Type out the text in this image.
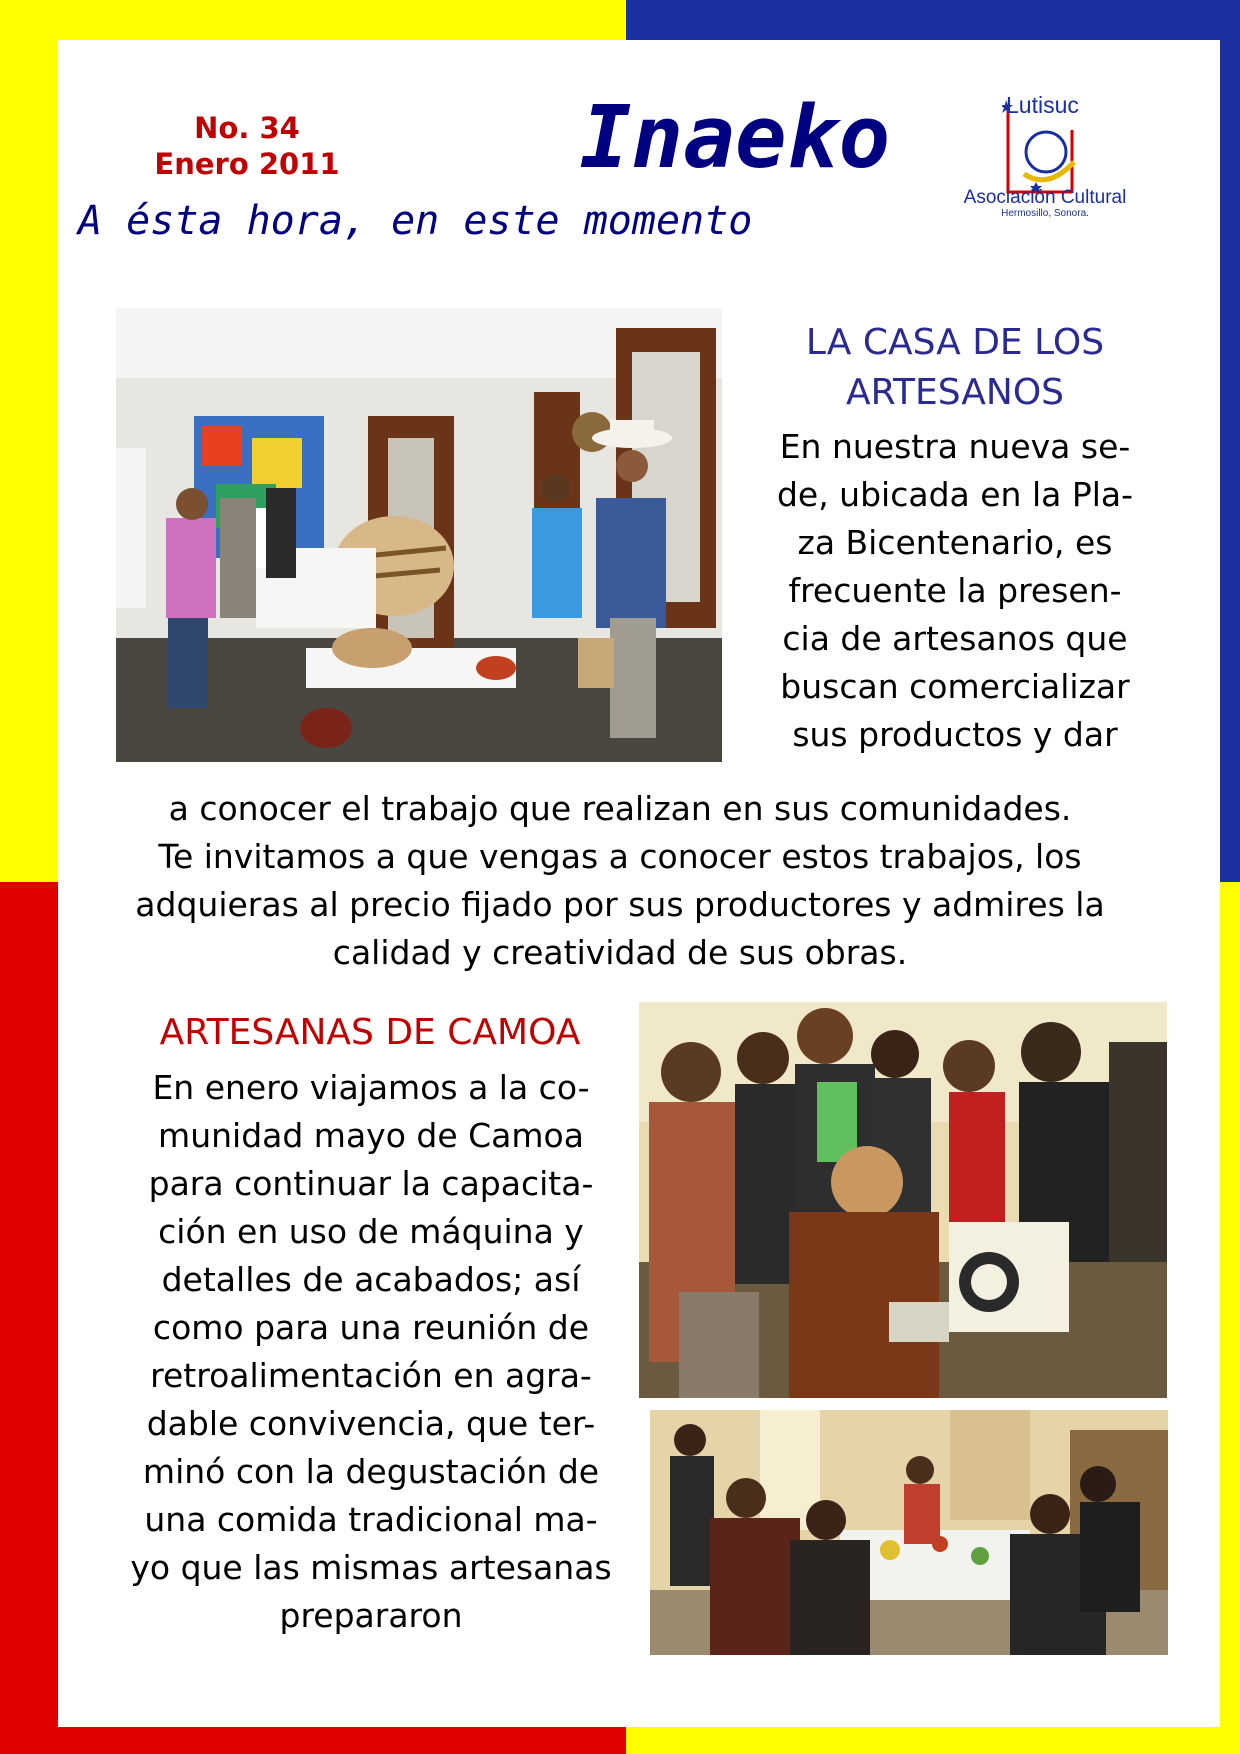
No. 34
Enero 2011	Inaeko
A ésta hora, en este momento
Lutisuc
Asociación Cultural
Hermosillo, Sonora.
LA CASA DE LOS
ARTESANOS
En nuestra nueva se-
de, ubicada en la Pla-
za Bicentenario, es
frecuente la presen-
cia de artesanos que
buscan comercializar
sus productos y dar
a conocer el trabajo que realizan en sus comunidades.
Te invitamos a que vengas a conocer estos trabajos, los
adquieras al precio fijado por sus productores y admires la
calidad y creatividad de sus obras.
ARTESANAS DE CAMOA
En enero viajamos a la co-
munidad mayo de Camoa
para continuar la capacita-
ción en uso de máquina y
detalles de acabados; así
como para una reunión de
retroalimentación en agra-
dable convivencia, que ter-
minó con la degustación de
una comida tradicional ma-
yo que las mismas artesanas
prepararon
